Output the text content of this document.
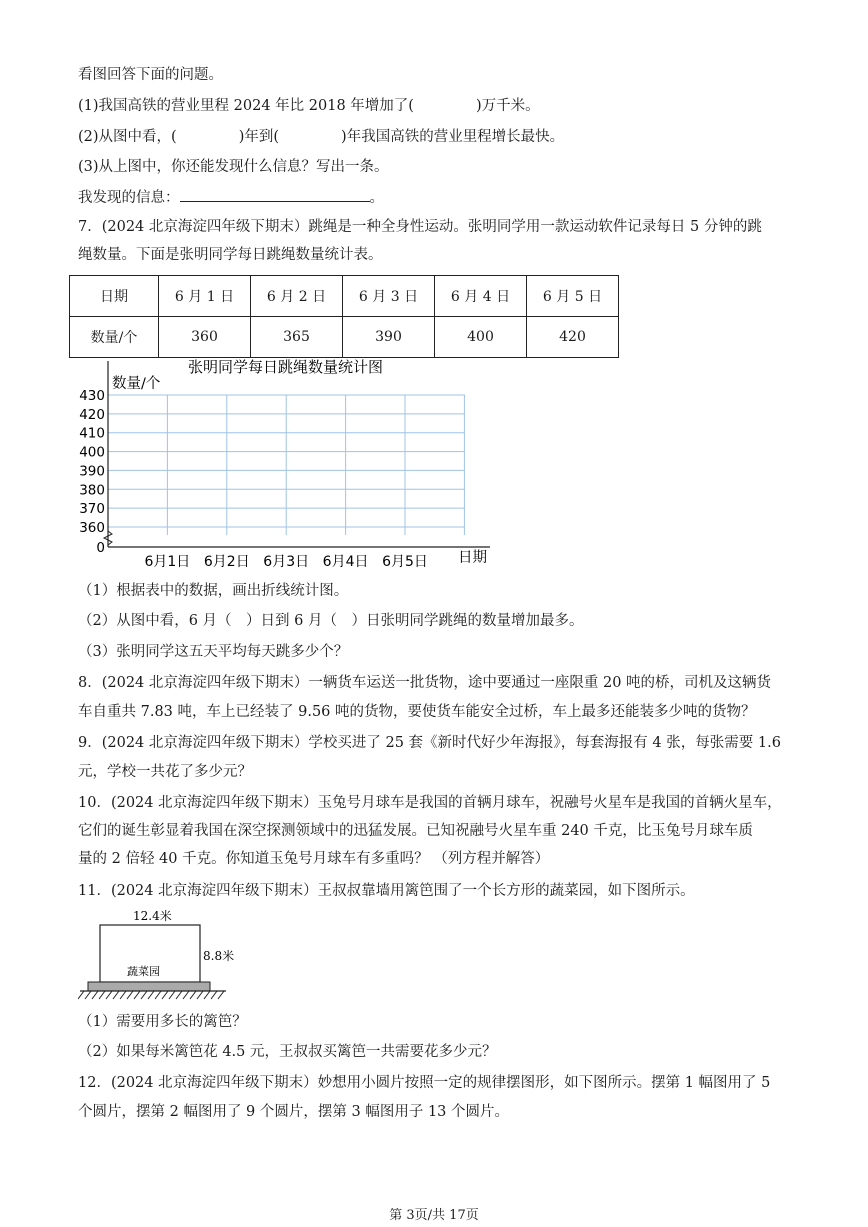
看图回答下面的问题。
(1)我国高铁的营业里程 2024 年比 2018 年增加了(	)万千米。
(2)从图中看，(	)年到(	)年我国高铁的营业里程增长最快。
(3)从上图中，你还能发现什么信息？写出一条。
我发现的信息：	。
7．(2024 北京海淀四年级下期末）跳绳是一种全身性运动。张明同学用一款运动软件记录每日 5 分钟的跳
绳数量。下面是张明同学每日跳绳数量统计表。
日期	6 月 1 日	6 月 2 日	6 月 3 日	6 月 4 日	6 月 5 日
数量/个	360	365	390	400	420
张明同学每日跳绳数量统计图
数量/个
日期
0
360
370
380
390
400
410
420
430
6月1日 6月2日 6月3日 6月4日 6月5日
（1）根据表中的数据，画出折线统计图。
（2）从图中看，6 月（　）日到 6 月（　）日张明同学跳绳的数量增加最多。
（3）张明同学这五天平均每天跳多少个？
8．(2024 北京海淀四年级下期末）一辆货车运送一批货物，途中要通过一座限重 20 吨的桥，司机及这辆货
车自重共 7.83 吨，车上已经装了 9.56 吨的货物，要使货车能安全过桥，车上最多还能装多少吨的货物？
9．(2024 北京海淀四年级下期末）学校买进了 25 套《新时代好少年海报》，每套海报有 4 张，每张需要 1.6
元，学校一共花了多少元？
10．(2024 北京海淀四年级下期末）玉兔号月球车是我国的首辆月球车，祝融号火星车是我国的首辆火星车，
它们的诞生彰显着我国在深空探测领域中的迅猛发展。已知祝融号火星车重 240 千克，比玉兔号月球车质
量的 2 倍轻 40 千克。你知道玉兔号月球车有多重吗？ （列方程并解答）
11．(2024 北京海淀四年级下期末）王叔叔靠墙用篱笆围了一个长方形的蔬菜园，如下图所示。
12.4米
8.8米
蔬菜园
（1）需要用多长的篱笆？
（2）如果每米篱笆花 4.5 元，王叔叔买篱笆一共需要花多少元？
12．(2024 北京海淀四年级下期末）妙想用小圆片按照一定的规律摆图形，如下图所示。摆第 1 幅图用了 5
个圆片，摆第 2 幅图用了 9 个圆片，摆第 3 幅图用子 13 个圆片。
第 3页/共 17页
